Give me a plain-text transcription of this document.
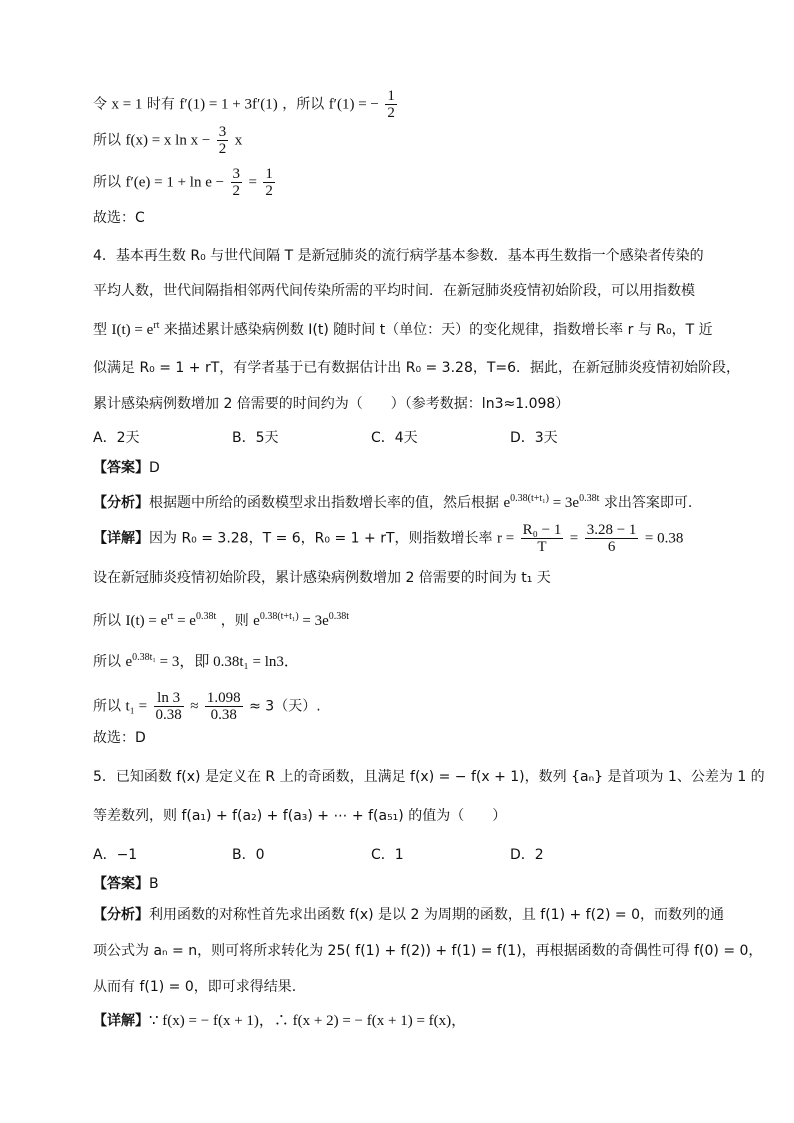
令 x = 1 时有 f′(1) = 1 + 3f′(1) ，所以 f′(1) = − $\frac{1}{2}$
所以 f(x) = x $\ln x - \frac{3}{2}$ x
所以 $f'(e) = 1 + \ln e - \frac{3}{2} = \frac{1}{2}$
故选：C
4．基本再生数 R₀ 与世代间隔 T 是新冠肺炎的流行病学基本参数．基本再生数指一个感染者传染的
平均人数，世代间隔指相邻两代间传染所需的平均时间．在新冠肺炎疫情初始阶段，可以用指数模
型 $I(t) = e^{rt}$ 来描述累计感染病例数 I(t) 随时间 t（单位：天）的变化规律，指数增长率 r 与 R₀，T 近
似满足 R₀ = 1 + rT，有学者基于已有数据估计出 R₀ = 3.28，T=6．据此，在新冠肺炎疫情初始阶段，
累计感染病例数增加 2 倍需要的时间约为（　　）（参考数据：ln3≈1.098）
A．2天	B．5天	C．4天	D．3天
【答案】D
【分析】根据题中所给的函数模型求出指数增长率的值，然后根据 $e^{0.38(t+t_1)} = 3e^{0.38t}$ 求出答案即可.
【详解】因为 R₀ = 3.28，T = 6，R₀ = 1 + rT，则指数增长率 $r = \frac{\text{R₀ − 1}}{T} = \frac{3.28 - 1}{6} = 0.38$
设在新冠肺炎疫情初始阶段，累计感染病例数增加 2 倍需要的时间为 t₁ 天
所以 $I(t) = e^{rt} = e^{0.38t}$ ，则 $e^{0.38(t+t_1)} = 3e^{0.38t}$
所以 $e^{0.38t_1} = 3$，即 0.38t₁ = ln3．
所以 $t_1 = \frac{\ln 3}{0.38} \approx \frac{1.098}{0.38} \approx 3$（天）.
故选：D
5．已知函数 f(x) 是定义在 R 上的奇函数，且满足 f(x) = − f(x + 1)，数列 {aₙ} 是首项为 1、公差为 1 的
等差数列，则 f(a₁) + f(a₂) + f(a₃) + ⋯ + f(a₅₁) 的值为（　　）
A．−1	B．0	C．1	D．2
【答案】B
【分析】利用函数的对称性首先求出函数 f(x) 是以 2 为周期的函数，且 f(1) + f(2) = 0，而数列的通
项公式为 aₙ = n，则可将所求转化为 25( f(1) + f(2)) + f(1) = f(1)，再根据函数的奇偶性可得 f(0) = 0，
从而有 f(1) = 0，即可求得结果.
【详解】∵ f(x) = − f(x + 1)，∴ f(x + 2) = − f(x + 1) = f(x)，
